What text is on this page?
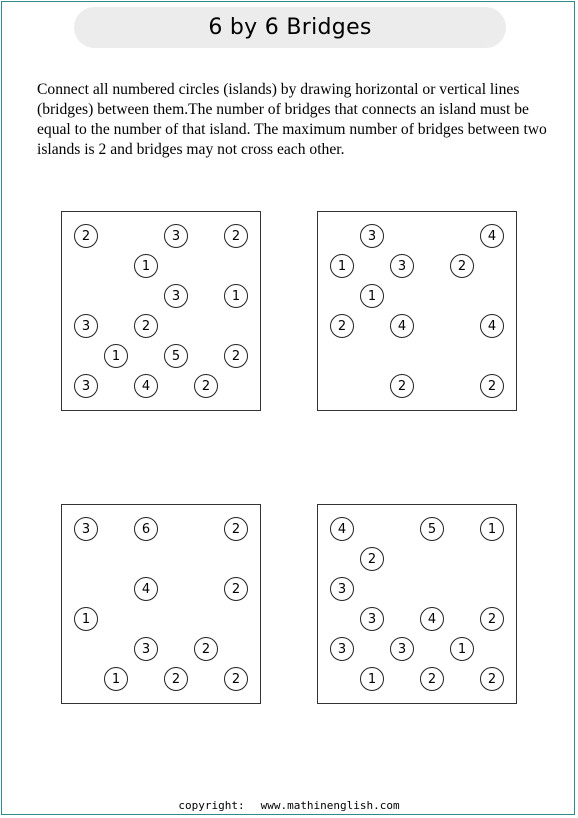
6 by 6 Bridges
Connect all numbered circles (islands) by drawing horizontal or vertical lines (bridges) between them.The number of bridges that connects an island must be equal to the number of that island. The maximum number of bridges between two islands is 2 and bridges may not cross each other.
2	3	2
1
3	1
3	2
1	5	2
3	4	2
3	4
1	3	2
1
2	4	4
2	2
3	6	2
4	2
1
3	2
1	2	2
4	5	1
2
3
3	4	2
3	3	1
1	2	2
copyright: www.mathinenglish.com
